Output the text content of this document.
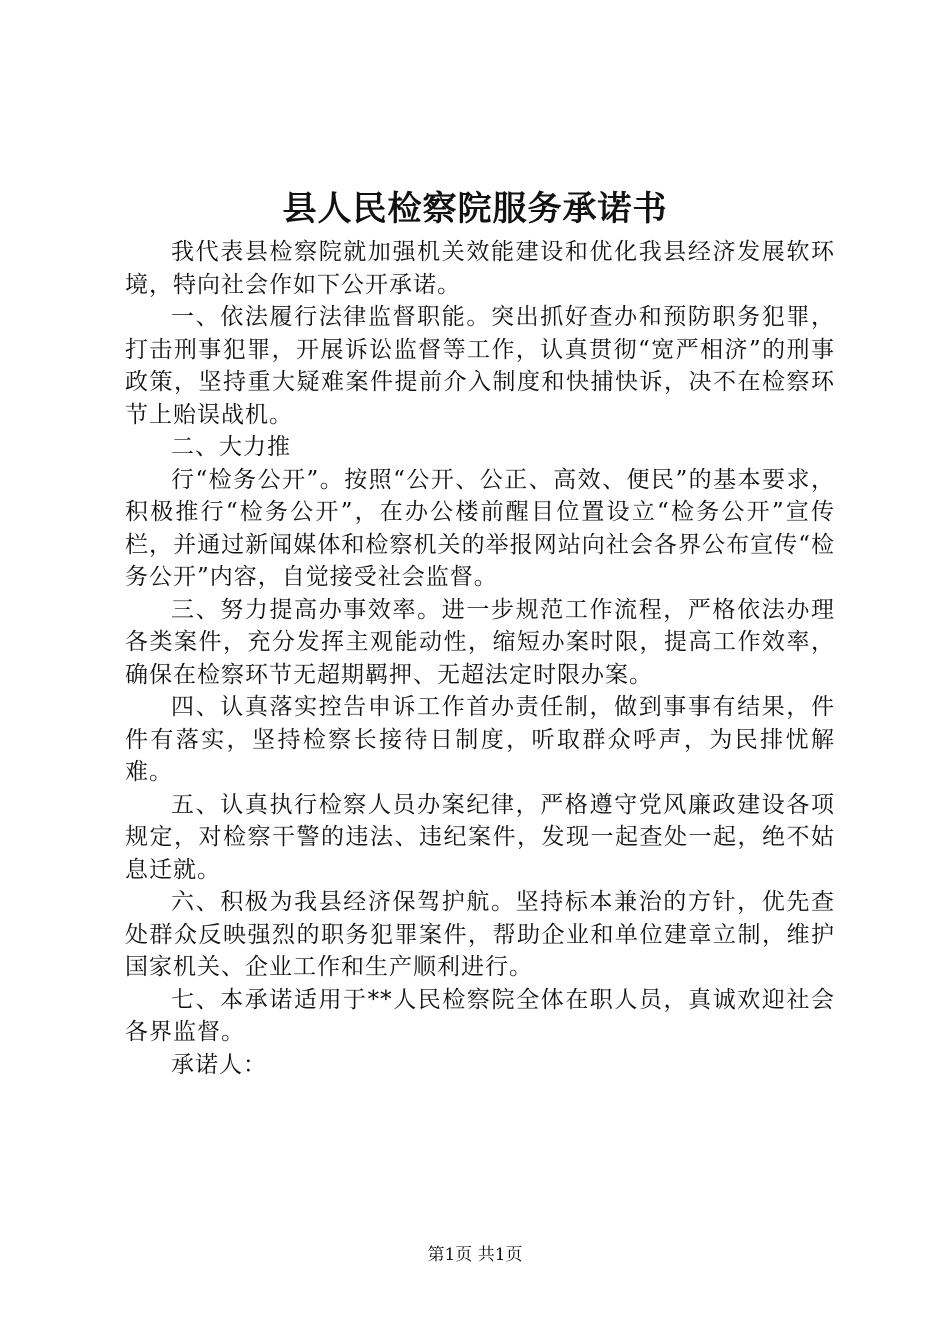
县人民检察院服务承诺书

我代表县检察院就加强机关效能建设和优化我县经济发展软环境，特向社会作如下公开承诺。

一、依法履行法律监督职能。突出抓好查办和预防职务犯罪，打击刑事犯罪，开展诉讼监督等工作，认真贯彻“宽严相济”的刑事政策，坚持重大疑难案件提前介入制度和快捕快诉，决不在检察环节上贻误战机。

二、大力推

行“检务公开”。按照“公开、公正、高效、便民”的基本要求，积极推行“检务公开”，在办公楼前醒目位置设立“检务公开”宣传栏，并通过新闻媒体和检察机关的举报网站向社会各界公布宣传“检务公开”内容，自觉接受社会监督。

三、努力提高办事效率。进一步规范工作流程，严格依法办理各类案件，充分发挥主观能动性，缩短办案时限，提高工作效率，确保在检察环节无超期羁押、无超法定时限办案。

四、认真落实控告申诉工作首办责任制，做到事事有结果，件件有落实，坚持检察长接待日制度，听取群众呼声，为民排忧解难。

五、认真执行检察人员办案纪律，严格遵守党风廉政建设各项规定，对检察干警的违法、违纪案件，发现一起查处一起，绝不姑息迁就。

六、积极为我县经济保驾护航。坚持标本兼治的方针，优先查处群众反映强烈的职务犯罪案件，帮助企业和单位建章立制，维护国家机关、企业工作和生产顺利进行。

七、本承诺适用于**人民检察院全体在职人员，真诚欢迎社会各界监督。

承诺人：

第1页 共1页
